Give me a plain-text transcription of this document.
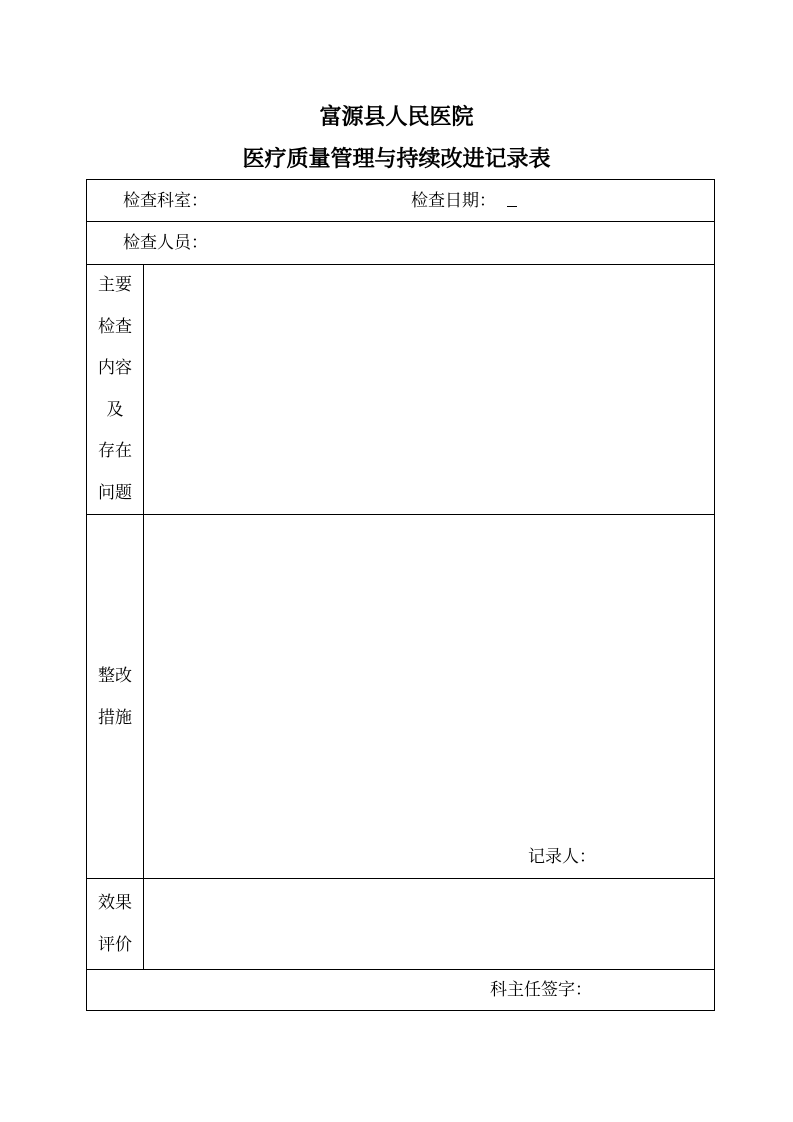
富源县人民医院
医疗质量管理与持续改进记录表
检查科室：	检查日期：
检查人员：
主要
检查
内容
及
存在
问题
整改
措施
记录人：
效果
评价
科主任签字：
